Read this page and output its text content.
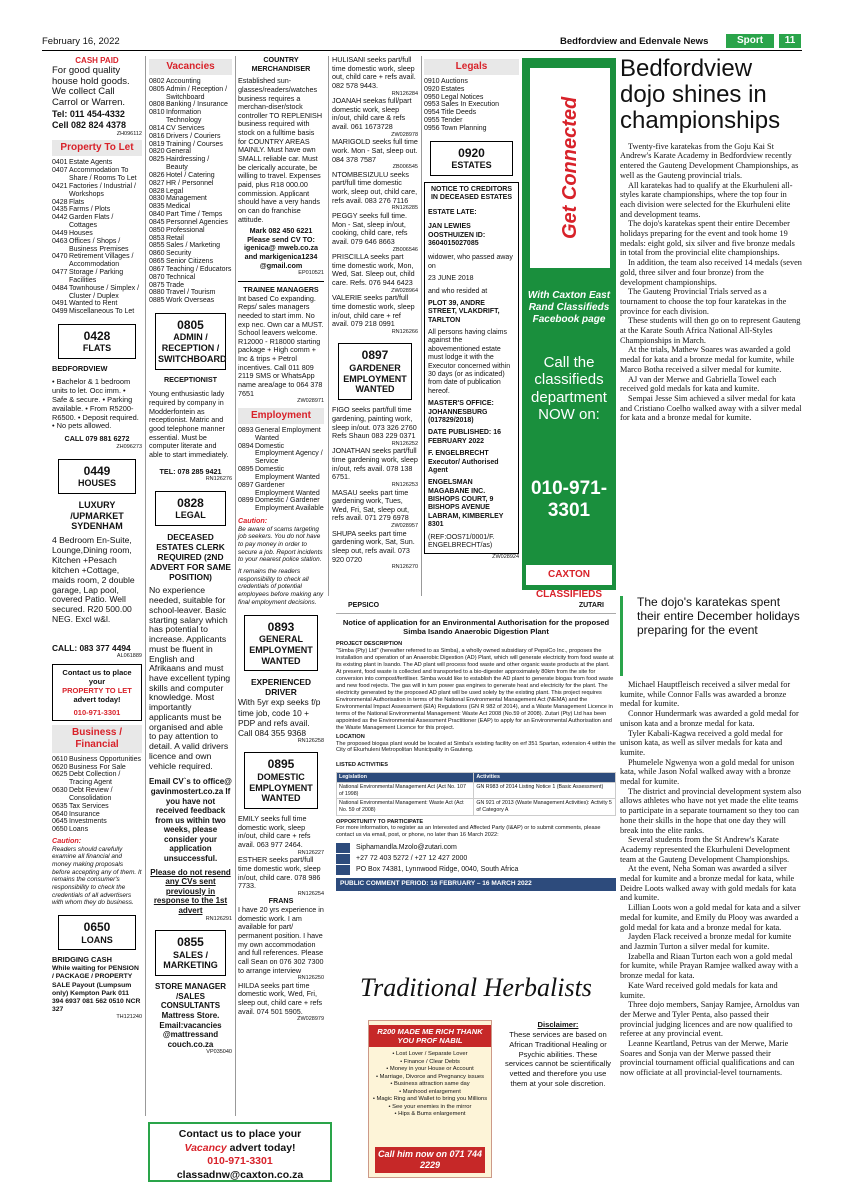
February 16, 2022	Bedfordview and Edenvale News	Sport	11
CASH PAID
For good quality house hold goods. We collect Call Carrol or Warren.
Tel: 011 454-4332
Cell 082 824 4378
ZH096112
Property To Let
0401 Estate Agents
0407 Accommodation To Share / Rooms To Let
0421 Factories / Industrial / Workshops
0428 Flats
0435 Farms / Plots
0442 Garden Flats / Cottages
0449 Houses
0463 Offices / Shops / Business Premises
0470 Retirement Villages / Accommodation
0477 Storage / Parking Facilities
0484 Townhouse / Simplex / Cluster / Duplex
0491 Wanted to Rent
0499 Miscellaneous To Let
0428
FLATS
BEDFORDVIEW
• Bachelor & 1 bedroom units to let. Occ imm. • Safe & secure. • Parking available. • From R5200-R6500. • Deposit required. • No pets allowed.
CALL 079 881 6272
ZH096273
0449
HOUSES
LUXURY /UPMARKET SYDENHAM
4 Bedroom En-Suite, Lounge,Dining room, Kitchen +Pesach kitchen +Cottage, maids room, 2 double garage, Lap pool, covered Patio. Well secured. R20 500.00 NEG. Excl w&l.
CALL: 083 377 4494
AL061889
Contact us to place your
PROPERTY TO LET
advert today!
010-971-3301
Business / Financial
0610 Business Opportunities
0620 Business For Sale
0625 Debt Collection / Tracing Agent
0630 Debt Review / Consolidation
0635 Tax Services
0640 Insurance
0645 Investments
0650 Loans
Caution:
Readers should carefully examine all financial and money making proposals before accepting any of them. It remains the consumer's responsibility to check the credentials of all advertisers with whom they do business.
0650
LOANS
BRIDGING CASH
While waiting for PENSION / PACKAGE / PROPERTY SALE Payout (Lumpsum only) Kempton Park 011 394 6937 081 562 0510 NCR 327
TH121240
Vacancies
0802 Accounting
0805 Admin / Reception / Switchboard
0808 Banking / Insurance
0810 Information Technology
0814 CV Services
0816 Drivers / Couriers
0819 Training / Courses
0820 General
0825 Hairdressing / Beauty
0826 Hotel / Catering
0827 HR / Personnel
0828 Legal
0830 Management
0835 Medical
0840 Part Time / Temps
0845 Personnel Agencies
0850 Professional
0853 Retail
0855 Sales / Marketing
0860 Security
0865 Senior Citizens
0867 Teaching / Educators
0870 Technical
0875 Trade
0880 Travel / Tourism
0885 Work Overseas
0805
ADMIN / RECEPTION / SWITCHBOARD
RECEPTIONIST
Young enthusiastic lady required by company in Modderfontein as receptionist. Matric and good telephone manner essential. Must be computer literate and able to start immediately.
TEL: 078 285 9421
RN126276
0828
LEGAL
DECEASED ESTATES CLERK REQUIRED (2ND ADVERT FOR SAME POSITION)
No experience needed, suitable for school-leaver. Basic starting salary which has potential to increase. Applicants must be fluent in English and Afrikaans and must have excellent typing skills and computer knowledge. Most importantly applicants must be organised and able to pay attention to detail. A valid drivers licence and own vehicle required.
Email CV`s to office@ gavinmostert.co.za If you have not received feedback from us within two weeks, please consider your application unsuccessful.
Please do not resend any CVs sent previously in response to the 1st advert
RN126291
0855
SALES / MARKETING
STORE MANAGER /SALES CONSULTANTS
Mattress Store. Email:vacancies @mattressand couch.co.za
VP035040
COUNTRY MERCHANDISER
Established sun-glasses/readers/watches business requires a merchan-diser/stock controller TO REPLENISH business required with stock on a fulltime basis for COUNTRY AREAS MAINLY. Must have own SMALL reliable car. Must be clerically accurate, be willing to travel. Expenses paid, plus R18 000.00 commission. Applicant should have a very hands on can do franchise attitude.
Mark 082 450 6221 Please send CV TO: igenica@ mweb.co.za and markigenica1234 @gmail.com
EP010521
TRAINEE MANAGERS
Int based Co expanding. Reps/ sales managers needed to start imm. No exp nec. Own car a MUST. School leavers welcome. R12000 - R18000 starting package + High comm + Inc & trips + Petrol incentives. Call 011 809 2119 SMS or WhatsApp name area/age to 064 378 7651
ZW028971
Employment
0893 General Employment Wanted
0894 Domestic Employment Agency / Service
0895 Domestic Employment Wanted
0897 Gardener Employment Wanted
0899 Domestic / Gardener Employment Available
Caution:
Be aware of scams targeting job seekers. You do not have to pay money in order to secure a job. Report incidents to your nearest police station.
It remains the readers responsibility to check all credentials of potential employees before making any final employment decisions.
0893
GENERAL EMPLOYMENT WANTED
EXPERIENCED DRIVER
With 5yr exp seeks f/p time job, code 10 + PDP and refs avail. Call 084 355 9368
RN126258
0895
DOMESTIC EMPLOYMENT WANTED
EMILY seeks full time domestic work, sleep in/out, child care + refs avail. 063 977 2464.
RN126227
ESTHER seeks part/full time domestic work, sleep in/out, child care. 078 986 7733.
RN126254
FRANS
I have 20 yrs experience in domestic work. I am available for part/ permanent position. I have my own accommodation and full references. Please call Sean on 076 302 7300 to arrange interview
RN126250
HILDA seeks part time domestic work, Wed, Fri, sleep out, child care + refs avail. 074 501 5905.
ZW028979
HULISANI seeks part/full time domestic work, sleep out, child care + refs avail. 082 578 9443.
RN126284
JOANAH seekas full/part domestic work, sleep in/out, child care & refs avail. 061 1673728
ZW028978
MARIGOLD seeks full time work. Mon - Sat, sleep out. 084 378 7587
ZB006545
NTOMBESIZULU seeks part/full time domestic work, sleep out, child care, refs avail. 083 276 7116
RN126285
PEGGY seeks full time. Mon - Sat, sleep in/out, cooking, child care, refs avail. 079 646 8663
ZB006546
PRISCILLA seeks part time domestic work, Mon, Wed, Sat. Sleep out, child care. Refs. 076 944 6423
ZW028964
VALERIE seeks part/full time domestic work, sleep in/out, child care + ref avail. 079 218 0991
RN126266
0897
GARDENER EMPLOYMENT WANTED
FIGO seeks part/full time gardening, painting work, sleep in/out. 073 326 2760 Refs Shaun 083 229 0371
RN126252
JONATHAN seeks part/full time gardening work, sleep in/out, refs avail. 078 138 6751.
RN126253
MASAU seeks part time gardening work, Tues, Wed, Fri, Sat, sleep out, refs avail. 071 279 6978
ZW028957
SHUPA seeks part time gardening work, Sat, Sun. sleep out, refs avail. 073 920 0720
RN126270
Legals
0910 Auctions
0920 Estates
0950 Legal Notices
0953 Sales In Execution
0954 Title Deeds
0955 Tender
0956 Town Planning
0920
ESTATES
NOTICE TO CREDITORS IN DECEASED ESTATES
ESTATE LATE:
JAN LEWIES OOSTHUIZEN ID: 3604015027085
widower, who passed away on
23 JUNE 2018
and who resided at
PLOT 39, ANDRE STREET, VLAKDRIFT, TARLTON
All persons having claims against the abovementioned estate must lodge it with the Executor concerned within 30 days (or as indicated) from date of publication hereof.
MASTER'S OFFICE: JOHANNESBURG (017829/2018)
DATE PUBLISHED: 16 FEBRUARY 2022
F. ENGELBRECHT Executor/ Authorised Agent
ENGELSMAN MAGABANE INC. BISHOPS COURT, 9 BISHOPS AVENUE LABRAM, KIMBERLEY 8301
(REF:OOS71/0001/F. ENGELBRECHT/as)
ZW028924
Get Connected
With Caxton East Rand Classifieds Facebook page
Call the classifieds department NOW on:
010-971-3301
CAXTON CLASSIFIEDS
Bedfordview dojo shines in championships

Twenty-five karatekas from the Goju Kai St Andrew's Karate Academy in Bedfordview recently entered the Gauteng Development Championships, as well as the Gauteng provincial trials.

All karatekas had to qualify at the Ekurhuleni all-styles karate championships, where the top four in each division were selected for the Ekurhuleni elite and development teams.

The dojo's karatekas spent their entire December holidays preparing for the event and took home 19 medals: eight gold, six silver and five bronze medals in total from the provincial elite championships.

In addition, the team also received 14 medals (seven gold, three silver and four bronze) from the development championships.

The Gauteng Provincial Trials served as a tournament to choose the top four karatekas in the province for each division.

These students will then go on to represent Gauteng at the Karate South Africa National All-Styles Championships in March.

At the trials, Mathew Soares was awarded a gold medal for kata and a bronze medal for kumite, while Marco Botha received a silver medal for kumite.

AJ van der Merwe and Gabriella Towel each received gold medals for kata and kumite.

Sempai Jesse Sim achieved a silver medal for kata and Cristiano Coelho walked away with a silver medal for kata and a bronze medal for kumite.

The dojo's karatekas spent their entire December holidays preparing for the event

Michael Hauptfleisch received a silver medal for kumite, while Connor Falls was awarded a bronze medal for kumite.

Connor Hundermark was awarded a gold medal for unison kata and a bronze medal for kata.

Tyler Kabali-Kagwa received a gold medal for unison kata, as well as silver medals for kata and kumite.

Phumelele Ngwenya won a gold medal for unison kata, while Jason Nofal walked away with a bronze medal for kumite.

The district and provincial development system also allows athletes who have not yet made the elite teams to participate in a separate tournament so they too can hone their skills in the hope that one day they will break into the elite ranks.

Several students from the St Andrew's Karate Academy represented the Ekurhuleni Development team at the Gauteng Development Championships.

At the event, Neha Soman was awarded a silver medal for kumite and a bronze medal for kata, while Deidre Loots walked away with gold medals for kata and kumite.

Lillian Loots won a gold medal for kata and a silver medal for kumite, and Emily du Plooy was awarded a gold medal for kata and a bronze medal for kata.

Jayden Flack received a bronze medal for kumite and Jazmin Turton a silver medal for kumite.

Izabella and Riaan Turton each won a gold medal for kumite, while Prayan Ramjee walked away with a bronze medal for kata.

Kate Ward received gold medals for kata and kumite.

Three dojo members, Sanjay Ramjee, Arnoldus van der Merwe and Tyler Penta, also passed their provincial judging licences and are now qualified to referee at any provincial event.

Leanne Keartland, Petrus van der Merwe, Marie Soares and Sonja van der Merwe passed their provincial tournament official qualifications and can now officiate at all provincial-level tournaments.

PEPSICO	ZUTARI
Notice of application for an Environmental Authorisation for the proposed Simba Isando Anaerobic Digestion Plant
PROJECT DESCRIPTION
"Simba (Pty) Ltd" (hereafter referred to as Simba), a wholly owned subsidiary of PepsiCo Inc., proposes the installation and operation of an Anaerobic Digestion (AD) Plant, which will generate electricity from food waste at its existing plant in Isando. The AD plant will process food waste and other organic waste products at the plant. At present, food waste is collected and transported to a bio-digester approximately 80km from the site for conversion into compost/fertiliser. Simba would like to establish the AD plant to generate biogas from food waste and new food rejects. The gas will in turn power gas engines to generate heat and electricity for the plant. The electricity generated by the proposed AD plant will be used solely by the existing plant. This project requires Environmental Authorisation in terms of the National Environmental Management Act (NEMA) and the Environmental Impact Assessment (EIA) Regulations (GN R 982 of 2014), and a Waste Management Licence in terms of the National Environmental Management: Waste Act 2008 (No.59 of 2008). Zutari (Pty) Ltd has been appointed as the Environmental Assessment Practitioner (EAP) to apply for an Environmental Authorisation and the Waste Management Licence for this project.
LOCATION
The proposed biogas plant would be located at Simba's existing facility on erf 351 Spartan, extension 4 within the City of Ekurhuleni Metropolitan Municipality in Gauteng.
LISTED ACTIVITIES
Legislation	Activities
National Environmental Management Act (Act No. 107 of 1998)	GN R983 of 2014 Listing Notice 1 (Basic Assessment)
National Environmental Management: Waste Act (Act No. 59 of 2008)	GN 921 of 2013 (Waste Management Activities): Activity 5 of Category A
OPPORTUNITY TO PARTICIPATE
For more information, to register as an Interested and Affected Party (I&AP) or to submit comments, please contact us via email, post, or phone, no later than 16 March 2022:
Siphamandla.Mzolo@zutari.com
+27 72 403 5272 / +27 12 427 2000
PO Box 74381, Lynnwood Ridge, 0040, South Africa
PUBLIC COMMENT PERIOD: 16 FEBRUARY – 16 MARCH 2022
Traditional Herbalists
R200 MADE ME RICH THANK YOU PROF NABIL
• Lost Lover / Separate Lover
• Finance / Clear Debts
• Money in your House or Account
• Marriage, Divorce and Pregnancy issues
• Business attraction same day
• Manhood enlargement
• Magic Ring and Wallet to bring you Millions
• See your enemies in the mirror
• Hips & Bums enlargement
Call him now on 071 744 2229
Disclaimer:
These services are based on African Traditional Healing or Psychic abilities. These services cannot be scientifically vetted and therefore you use them at your sole discretion.
Contact us to place your
Vacancy advert today!
010-971-3301
classadnw@caxton.co.za
